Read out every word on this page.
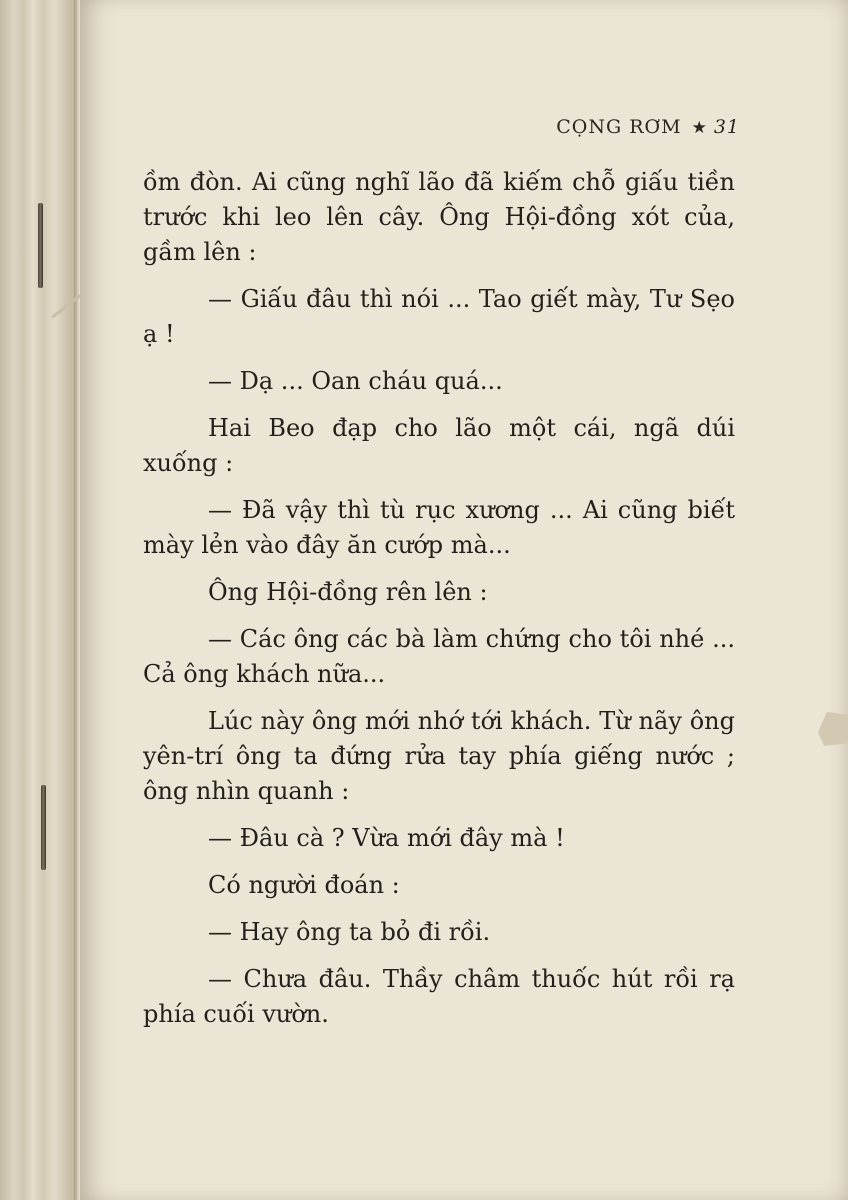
CỌNG RƠM ★ 31

ồm đòn. Ai cũng nghĩ lão đã kiếm chỗ giấu tiền trước khi leo lên cây. Ông Hội-đồng xót của, gầm lên :

— Giấu đâu thì nói ... Tao giết mày, Tư Sẹo ạ !

— Dạ ... Oan cháu quá...

Hai Beo đạp cho lão một cái, ngã dúi xuống :

— Đã vậy thì tù rục xương ... Ai cũng biết mày lẻn vào đây ăn cướp mà...

Ông Hội-đồng rên lên :

— Các ông các bà làm chứng cho tôi nhé ... Cả ông khách nữa...

Lúc này ông mới nhớ tới khách. Từ nãy ông yên-trí ông ta đứng rửa tay phía giếng nước ; ông nhìn quanh :

— Đâu cà ? Vừa mới đây mà !

Có người đoán :

— Hay ông ta bỏ đi rồi.

— Chưa đâu. Thầy châm thuốc hút rồi rạ phía cuối vườn.
